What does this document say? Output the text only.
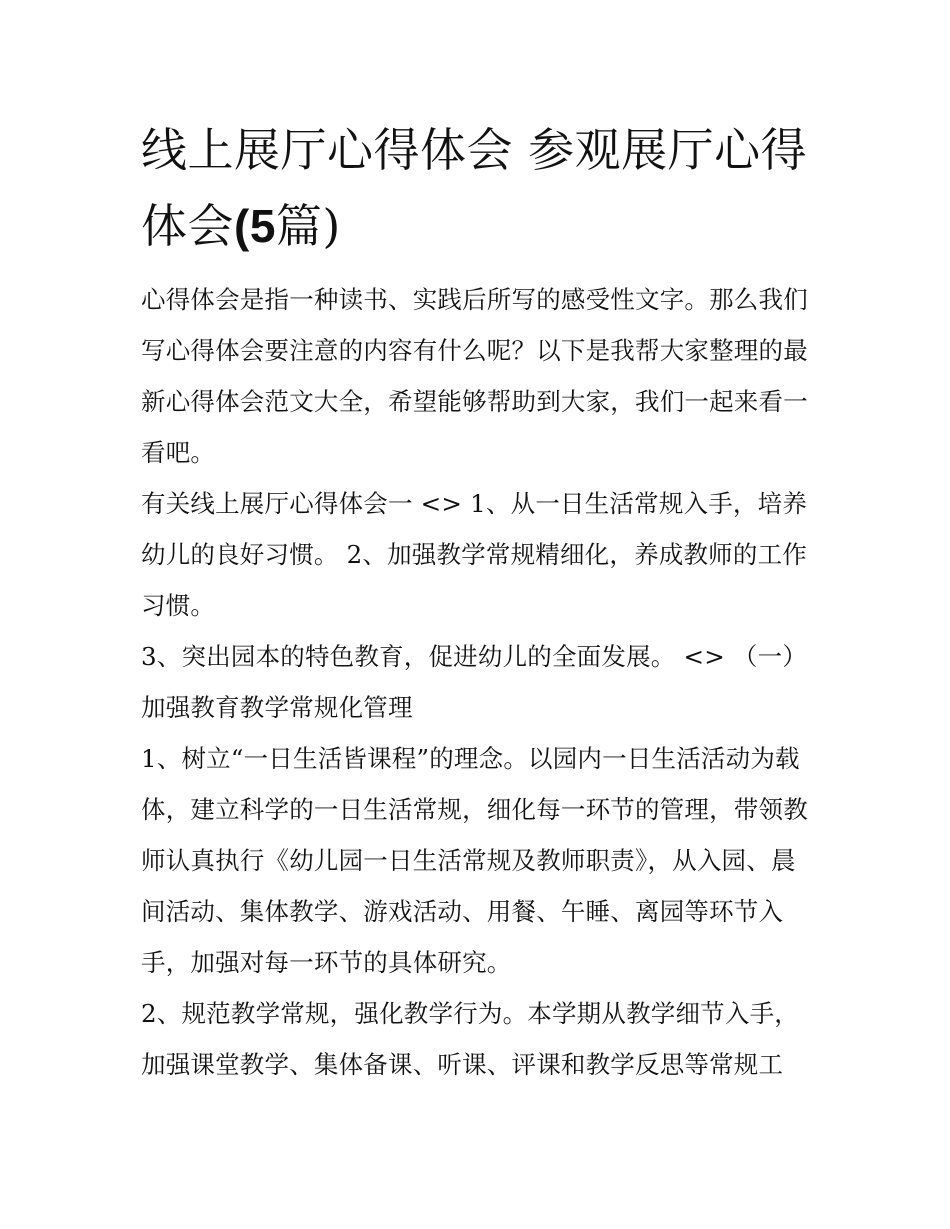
线上展厅心得体会 参观展厅心得体会(5篇)

心得体会是指一种读书、实践后所写的感受性文字。那么我们写心得体会要注意的内容有什么呢？以下是我帮大家整理的最新心得体会范文大全，希望能够帮助到大家，我们一起来看一看吧。

有关线上展厅心得体会一 <> 1、从一日生活常规入手，培养幼儿的良好习惯。 2、加强教学常规精细化，养成教师的工作习惯。

3、突出园本的特色教育，促进幼儿的全面发展。 <> （一）加强教育教学常规化管理

1、树立“一日生活皆课程”的理念。以园内一日生活活动为载体，建立科学的一日生活常规，细化每一环节的管理，带领教师认真执行《幼儿园一日生活常规及教师职责》，从入园、晨间活动、集体教学、游戏活动、用餐、午睡、离园等环节入手，加强对每一环节的具体研究。

2、规范教学常规，强化教学行为。本学期从教学细节入手，加强课堂教学、集体备课、听课、评课和教学反思等常规工
